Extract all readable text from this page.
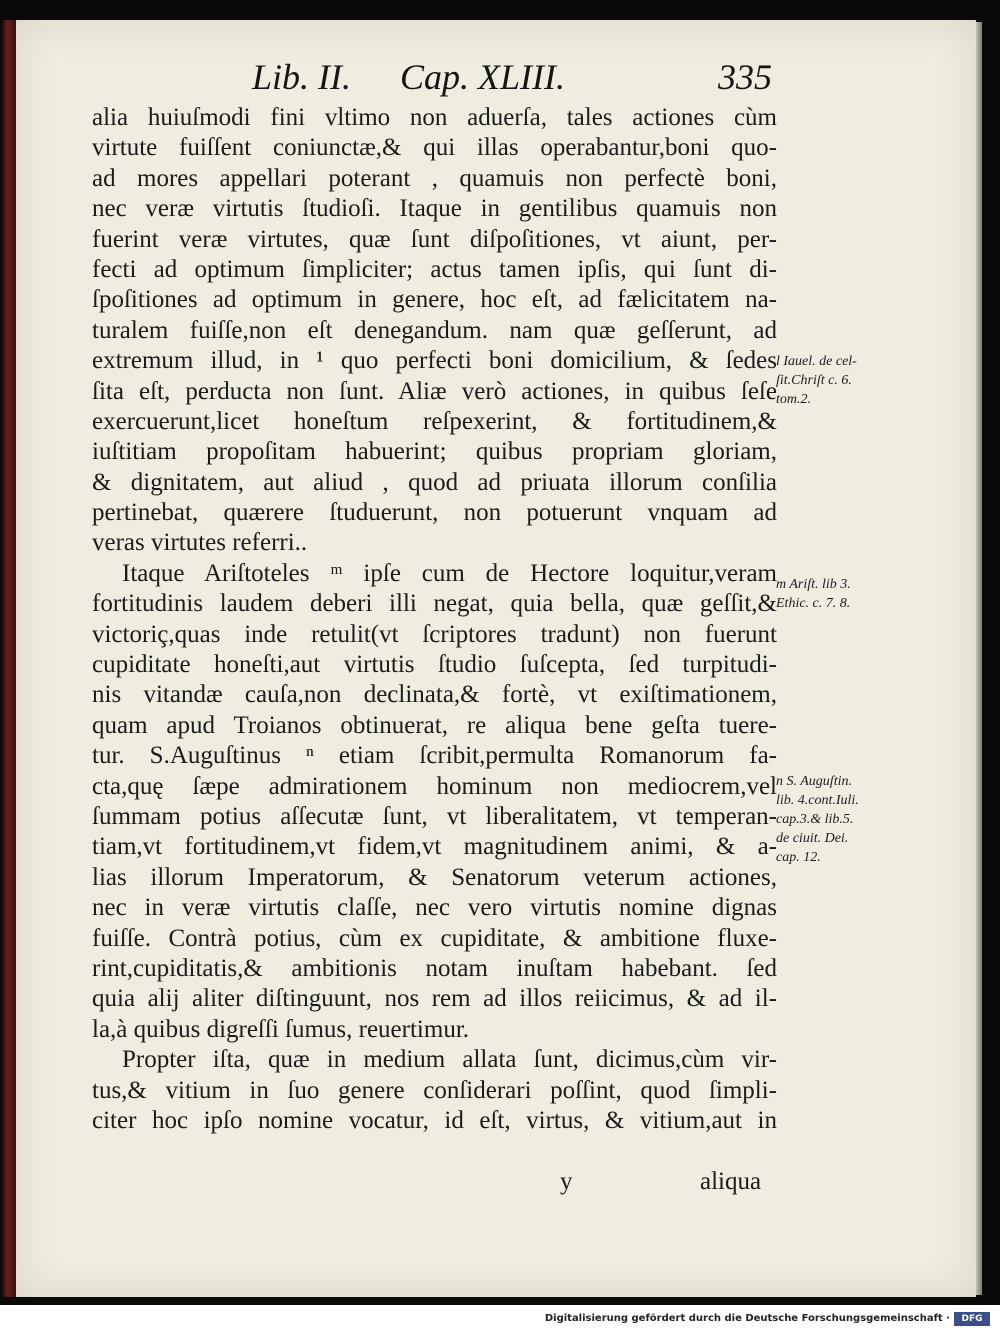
Lib. II. Cap. XLIII.	335
alia huiuſmodi fini vltimo non aduerſa, tales actiones cùm
virtute fuiſſent coniunctæ,& qui illas operabantur,boni quo-
ad mores appellari poterant , quamuis non perfectè boni,
nec veræ virtutis ſtudioſi. Itaque in gentilibus quamuis non
fuerint veræ virtutes, quæ ſunt diſpoſitiones, vt aiunt, per-
fecti ad optimum ſimpliciter; actus tamen ipſis, qui ſunt di-
ſpoſitiones ad optimum in genere, hoc eſt, ad fælicitatem na-
turalem fuiſſe,non eſt denegandum. nam quæ geſſerunt, ad
extremum illud, in ¹ quo perfecti boni domicilium, & ſedes
ſita eſt, perducta non ſunt. Aliæ verò actiones, in quibus ſeſe
exercuerunt,licet honeſtum reſpexerint, & fortitudinem,&
iuſtitiam propoſitam habuerint; quibus propriam gloriam,
& dignitatem, aut aliud , quod ad priuata illorum conſilia
pertinebat, quærere ſtuduerunt, non potuerunt vnquam ad
veras virtutes referri..
Itaque Ariſtoteles ᵐ ipſe cum de Hectore loquitur,veram
fortitudinis laudem deberi illi negat, quia bella, quæ geſſit,&
victoriç,quas inde retulit(vt ſcriptores tradunt) non fuerunt
cupiditate honeſti,aut virtutis ſtudio ſuſcepta, ſed turpitudi-
nis vitandæ cauſa,non declinata,& fortè, vt exiſtimationem,
quam apud Troianos obtinuerat, re aliqua bene geſta tuere-
tur. S.Auguſtinus ⁿ etiam ſcribit,permulta Romanorum fa-
cta,quę ſæpe admirationem hominum non mediocrem,vel
ſummam potius aſſecutæ ſunt, vt liberalitatem, vt temperan-
tiam,vt fortitudinem,vt fidem,vt magnitudinem animi, & a-
lias illorum Imperatorum, & Senatorum veterum actiones,
nec in veræ virtutis claſſe, nec vero virtutis nomine dignas
fuiſſe. Contrà potius, cùm ex cupiditate, & ambitione fluxe-
rint,cupiditatis,& ambitionis notam inuſtam habebant. ſed
quia alij aliter diſtinguunt, nos rem ad illos reiicimus, & ad il-
la,à quibus digreſſi ſumus, reuertimur.
Propter iſta, quæ in medium allata ſunt, dicimus,cùm vir-
tus,& vitium in ſuo genere conſiderari poſſint, quod ſimpli-
citer hoc ipſo nomine vocatur, id eſt, virtus, & vitium,aut in
l Iauel. de cel-
ſit.Chriſt c. 6.
tom.2.
m Ariſt. lib 3.
Ethic. c. 7. 8.
n S. Auguſtin.
lib. 4.cont.Iuli.
cap.3.& lib.5.
de ciuit. Dei.
cap. 12.
y	aliqua
Digitalisierung gefördert durch die Deutsche Forschungsgemeinschaft ·	DFG
